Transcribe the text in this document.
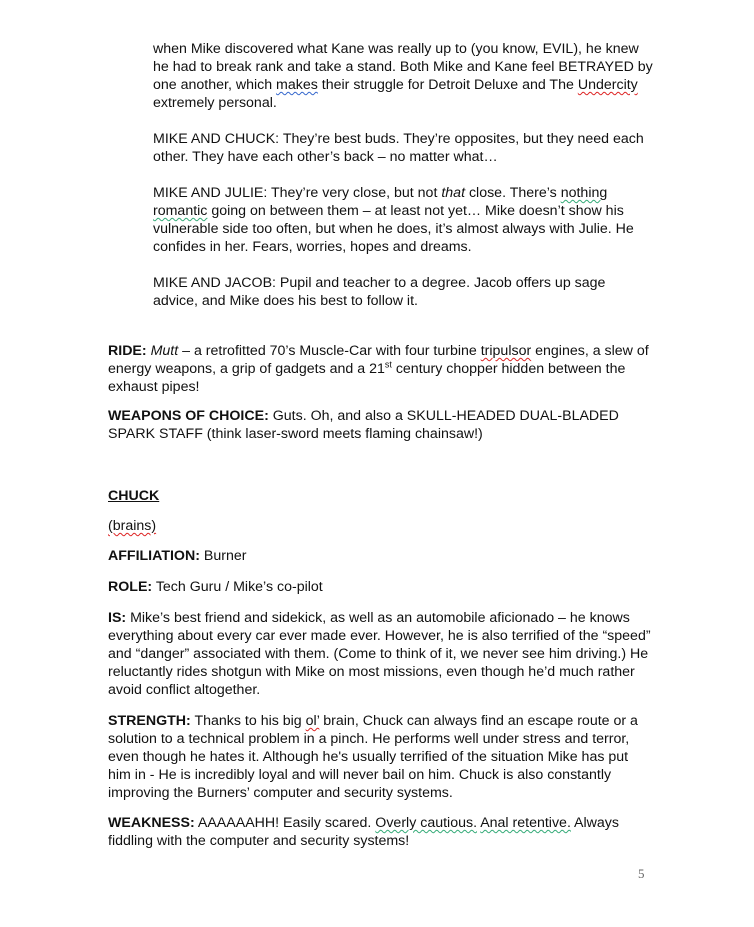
when Mike discovered what Kane was really up to (you know, EVIL), he knew he had to break rank and take a stand. Both Mike and Kane feel BETRAYED by one another, which makes their struggle for Detroit Deluxe and The Undercity extremely personal.

MIKE AND CHUCK: They’re best buds. They’re opposites, but they need each other. They have each other’s back – no matter what…

MIKE AND JULIE: They’re very close, but not that close. There’s nothing romantic going on between them – at least not yet… Mike doesn’t show his vulnerable side too often, but when he does, it’s almost always with Julie. He confides in her. Fears, worries, hopes and dreams.

MIKE AND JACOB: Pupil and teacher to a degree. Jacob offers up sage advice, and Mike does his best to follow it.

RIDE: Mutt – a retrofitted 70’s Muscle-Car with four turbine tripulsor engines, a slew of energy weapons, a grip of gadgets and a 21st century chopper hidden between the exhaust pipes!

WEAPONS OF CHOICE: Guts. Oh, and also a SKULL-HEADED DUAL-BLADED SPARK STAFF (think laser-sword meets flaming chainsaw!)

CHUCK

(brains)

AFFILIATION: Burner

ROLE: Tech Guru / Mike’s co-pilot

IS: Mike’s best friend and sidekick, as well as an automobile aficionado – he knows everything about every car ever made ever. However, he is also terrified of the “speed” and “danger” associated with them. (Come to think of it, we never see him driving.) He reluctantly rides shotgun with Mike on most missions, even though he’d much rather avoid conflict altogether.

STRENGTH: Thanks to his big ol’ brain, Chuck can always find an escape route or a solution to a technical problem in a pinch. He performs well under stress and terror, even though he hates it. Although he's usually terrified of the situation Mike has put him in - He is incredibly loyal and will never bail on him. Chuck is also constantly improving the Burners’ computer and security systems.

WEAKNESS: AAAAAAHH! Easily scared. Overly cautious. Anal retentive. Always fiddling with the computer and security systems!

5
